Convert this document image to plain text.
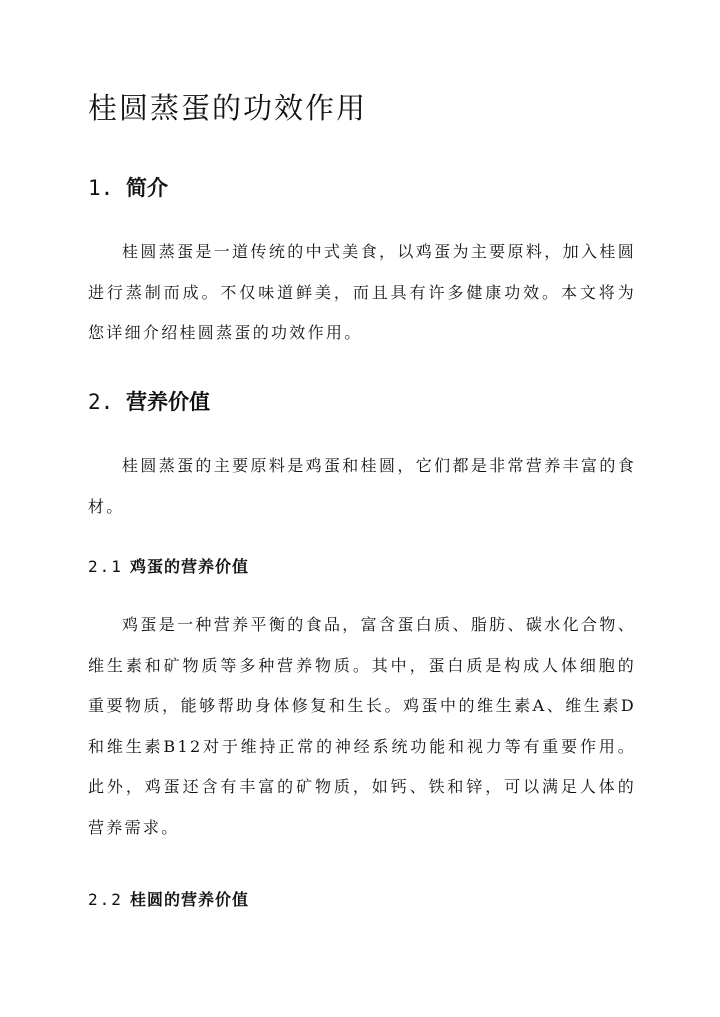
桂圆蒸蛋的功效作用
1. 简介

桂圆蒸蛋是一道传统的中式美食，以鸡蛋为主要原料，加入桂圆进行蒸制而成。不仅味道鲜美，而且具有许多健康功效。本文将为您详细介绍桂圆蒸蛋的功效作用。

2. 营养价值

桂圆蒸蛋的主要原料是鸡蛋和桂圆，它们都是非常营养丰富的食材。

2.1 鸡蛋的营养价值

鸡蛋是一种营养平衡的食品，富含蛋白质、脂肪、碳水化合物、维生素和矿物质等多种营养物质。其中，蛋白质是构成人体细胞的重要物质，能够帮助身体修复和生长。鸡蛋中的维生素A、维生素D和维生素B12对于维持正常的神经系统功能和视力等有重要作用。此外，鸡蛋还含有丰富的矿物质，如钙、铁和锌，可以满足人体的营养需求。

2.2 桂圆的营养价值
